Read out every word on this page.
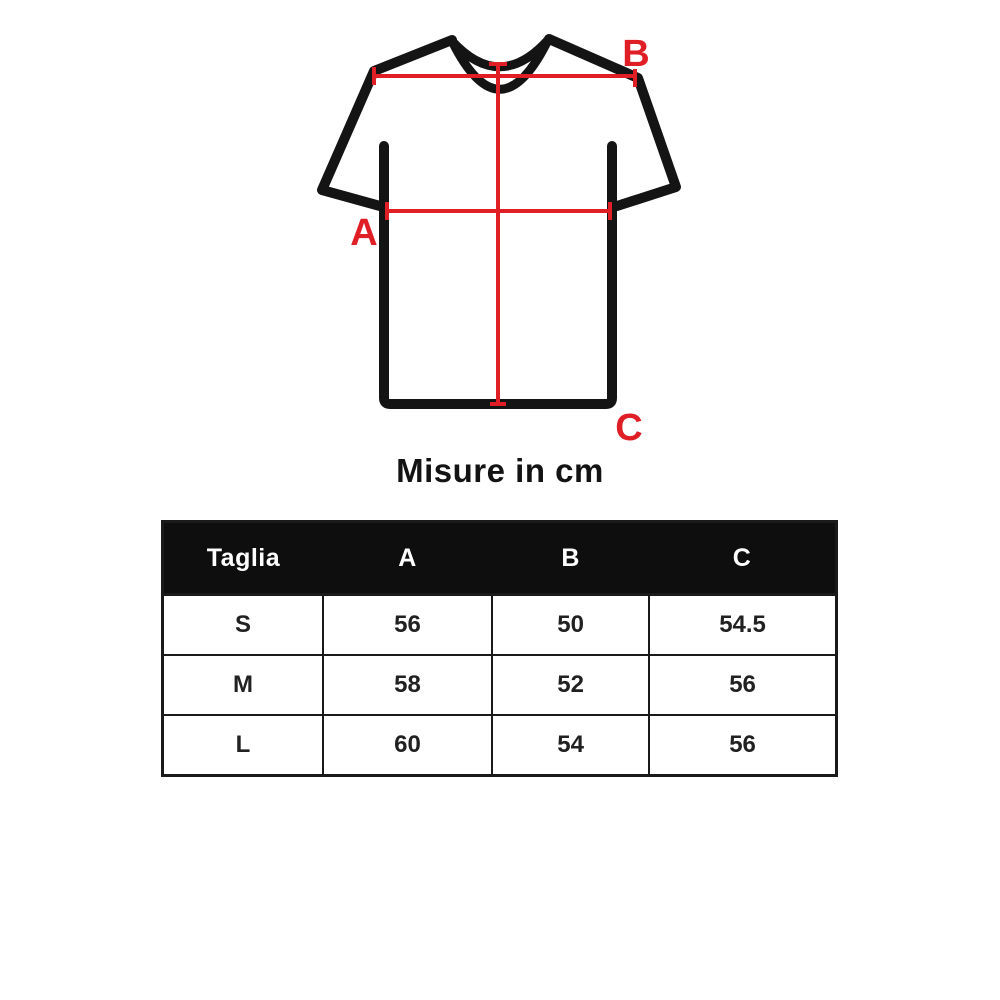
A
B
C
Misure in cm
Taglia	A	B	C
S	56	50	54.5
M	58	52	56
L	60	54	56
